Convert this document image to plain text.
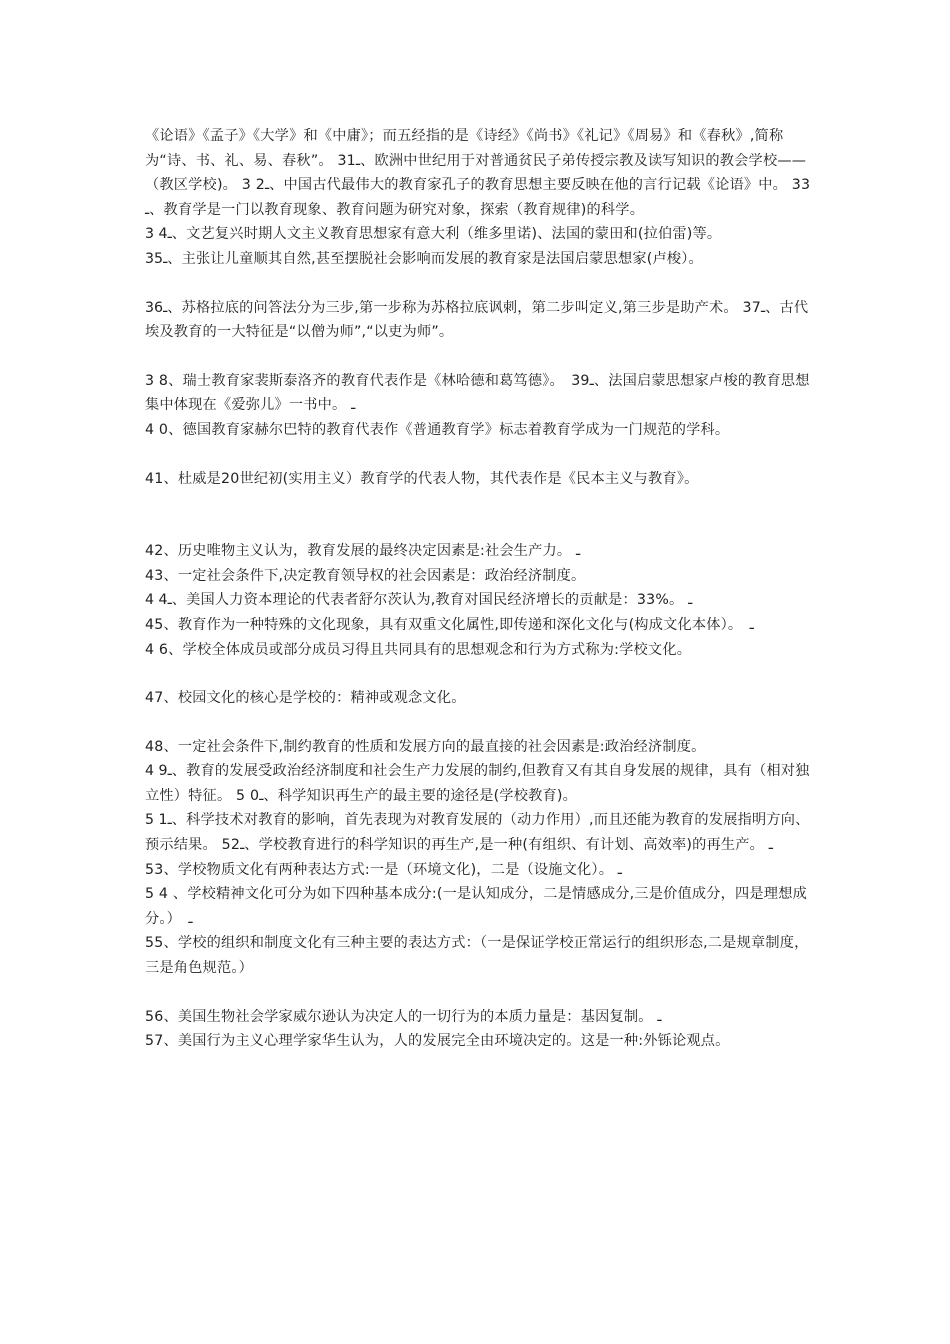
《论语》《孟子》《大学》和《中庸》；而五经指的是《诗经》《尚书》《礼记》《周易》和《春秋》,简称为“诗、书、礼、易、春秋”。 31ـ、欧洲中世纪用于对普通贫民子弟传授宗教及读写知识的教会学校——（教区学校)。 3 2ـ、中国古代最伟大的教育家孔子的教育思想主要反映在他的言行记载《论语》中。 33ـ、教育学是一门以教育现象、教育问题为研究对象，探索（教育规律)的科学。

3 4ـ、文艺复兴时期人文主义教育思想家有意大利（维多里诺)、法国的蒙田和(拉伯雷)等。

35ـ、主张让儿童顺其自然,甚至摆脱社会影响而发展的教育家是法国启蒙思想家(卢梭）。

36ـ、苏格拉底的问答法分为三步,第一步称为苏格拉底讽刺，第二步叫定义,第三步是助产术。 37ـ、古代埃及教育的一大特征是“以僧为师”,“以吏为师”。

3 8、瑞士教育家裴斯泰洛齐的教育代表作是《林哈德和葛笃德》。　39ـ、法国启蒙思想家卢梭的教育思想集中体现在《爱弥儿》一书中。 ـ

4 0、德国教育家赫尔巴特的教育代表作《普通教育学》标志着教育学成为一门规范的学科。

41、杜威是20世纪初(实用主义）教育学的代表人物，其代表作是《民本主义与教育》。

42、历史唯物主义认为，教育发展的最终决定因素是:社会生产力。 ـ

43、一定社会条件下,决定教育领导权的社会因素是：政治经济制度。

4 4ـ、美国人力资本理论的代表者舒尔茨认为,教育对国民经济增长的贡献是：33%。 ـ

45、教育作为一种特殊的文化现象，具有双重文化属性,即传递和深化文化与(构成文化本体）。　ـ

4 6、学校全体成员或部分成员习得且共同具有的思想观念和行为方式称为:学校文化。

47、校园文化的核心是学校的：精神或观念文化。

48、一定社会条件下,制约教育的性质和发展方向的最直接的社会因素是:政治经济制度。

4 9ـ、教育的发展受政治经济制度和社会生产力发展的制约,但教育又有其自身发展的规律，具有（相对独立性）特征。 5 0ـ、科学知识再生产的最主要的途径是(学校教育)。

5 1ـ、科学技术对教育的影响，首先表现为对教育发展的（动力作用）,而且还能为教育的发展指明方向、预示结果。 52ـ、学校教育进行的科学知识的再生产,是一种(有组织、有计划、高效率)的再生产。 ـ

53、学校物质文化有两种表达方式:一是（环境文化)，二是（设施文化）。 ـ

5 4 、学校精神文化可分为如下四种基本成分:(一是认知成分，二是情感成分,三是价值成分，四是理想成分。）　ـ

55、学校的组织和制度文化有三种主要的表达方式：（一是保证学校正常运行的组织形态,二是规章制度，三是角色规范。）

56、美国生物社会学家威尔逊认为决定人的一切行为的本质力量是：基因复制。 ـ

57、美国行为主义心理学家华生认为，人的发展完全由环境决定的。这是一种:外铄论观点。
